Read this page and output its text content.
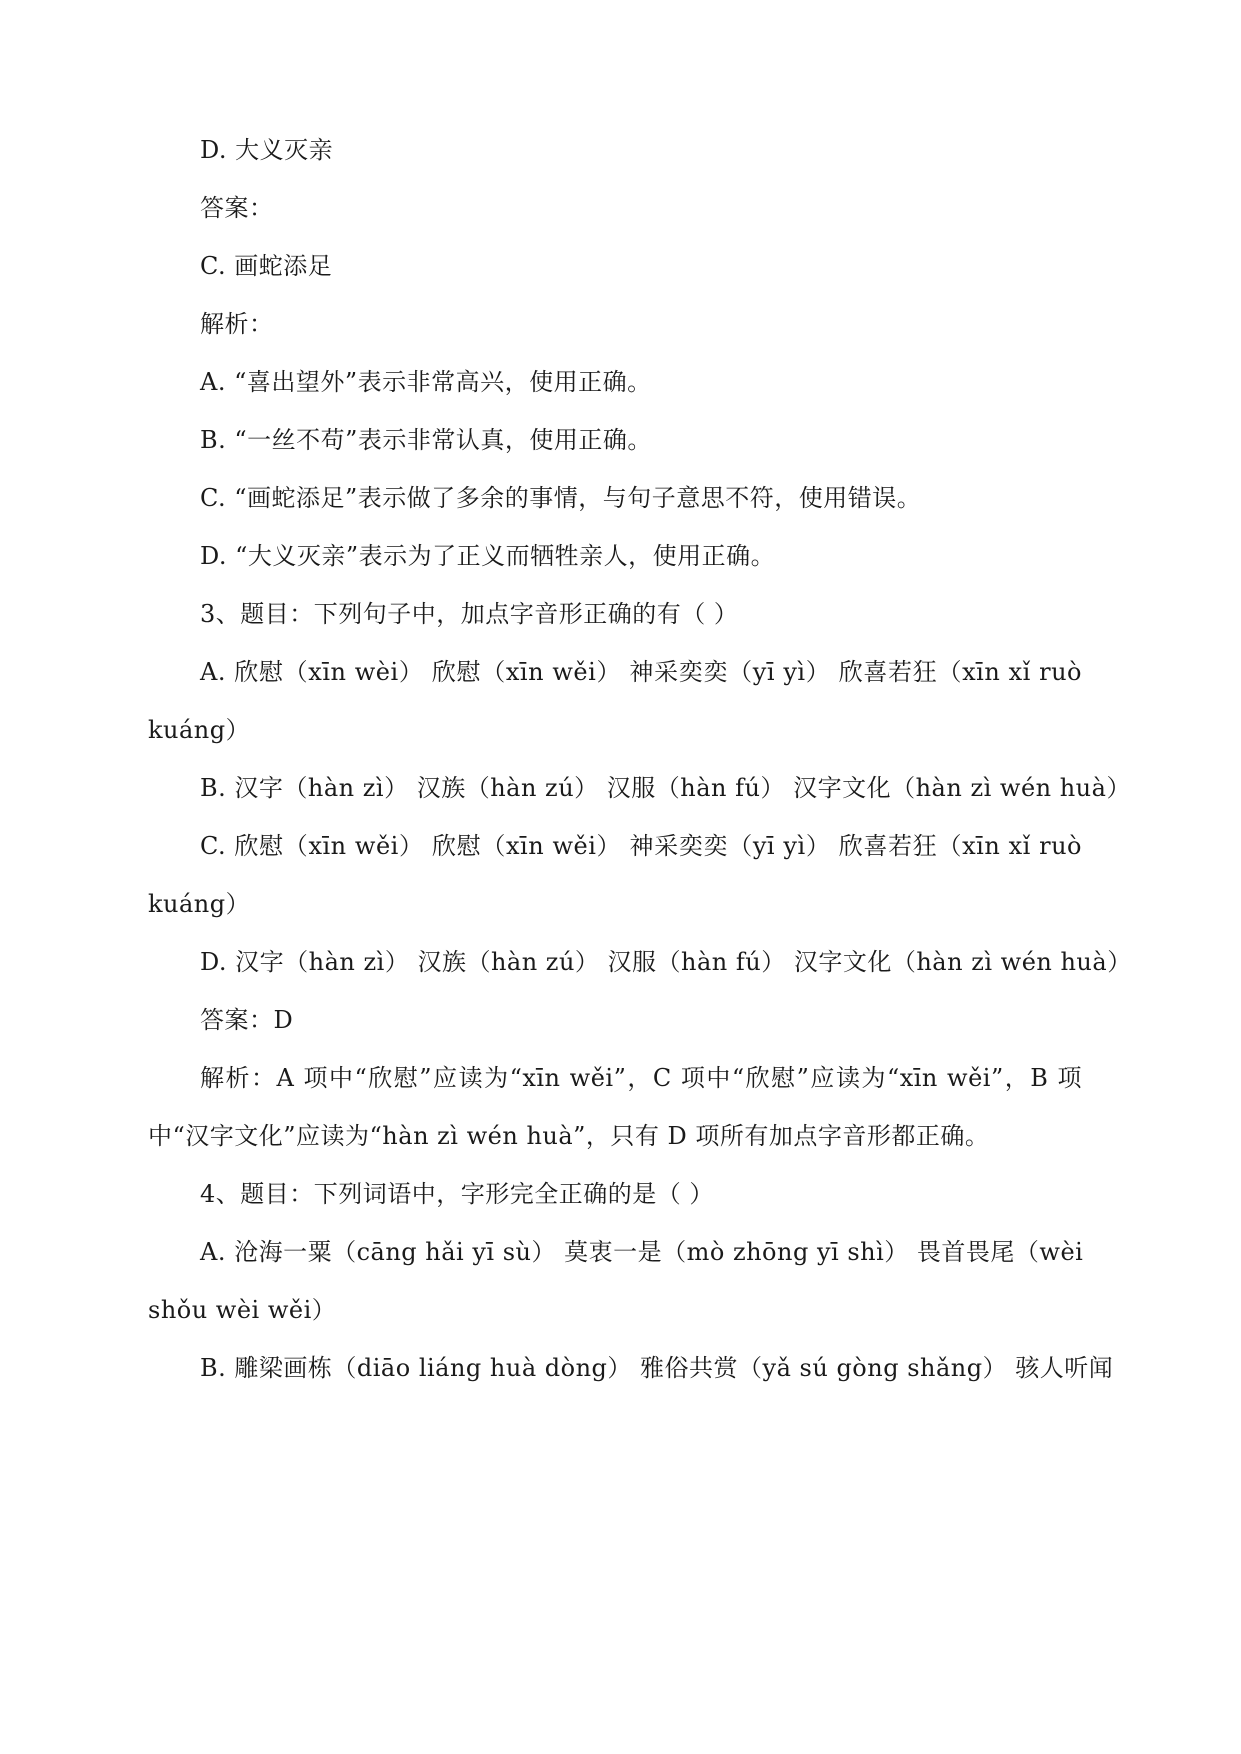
D. 大义灭亲
答案：
C. 画蛇添足
解析：
A. “喜出望外”表示非常高兴，使用正确。
B. “一丝不苟”表示非常认真，使用正确。
C. “画蛇添足”表示做了多余的事情，与句子意思不符，使用错误。
D. “大义灭亲”表示为了正义而牺牲亲人，使用正确。
3、题目：下列句子中，加点字音形正确的有（ ）
A. 欣慰（xīn wèi） 欣慰（xīn wěi） 神采奕奕（yī yì） 欣喜若狂（xīn xǐ ruò
kuáng）
B. 汉字（hàn zì） 汉族（hàn zú） 汉服（hàn fú） 汉字文化（hàn zì wén huà）
C. 欣慰（xīn wěi） 欣慰（xīn wěi） 神采奕奕（yī yì） 欣喜若狂（xīn xǐ ruò
kuáng）
D. 汉字（hàn zì） 汉族（hàn zú） 汉服（hàn fú） 汉字文化（hàn zì wén huà）
答案：D
解析：A 项中“欣慰”应读为“xīn wěi”，C 项中“欣慰”应读为“xīn wěi”，B 项
中“汉字文化”应读为“hàn zì wén huà”，只有 D 项所有加点字音形都正确。
4、题目：下列词语中，字形完全正确的是（ ）
A. 沧海一粟（cāng hǎi yī sù） 莫衷一是（mò zhōng yī shì） 畏首畏尾（wèi
shǒu wèi wěi）
B. 雕梁画栋（diāo liáng huà dòng） 雅俗共赏（yǎ sú gòng shǎng） 骇人听闻
